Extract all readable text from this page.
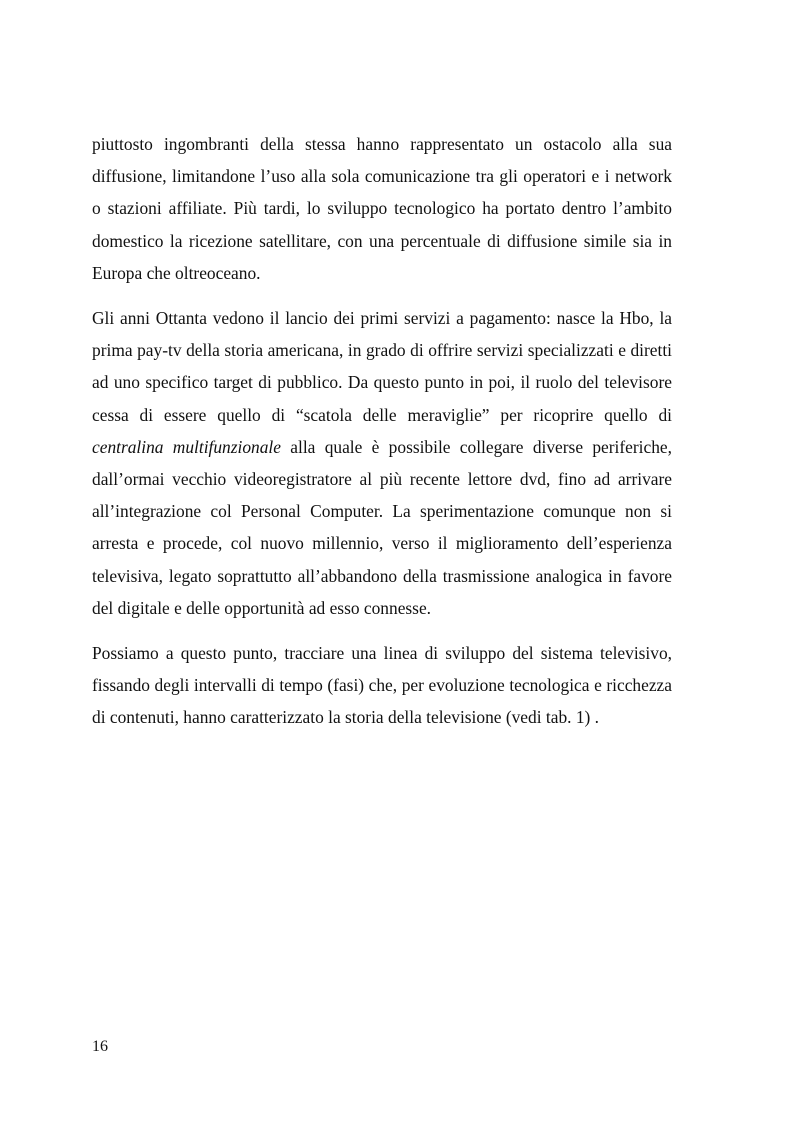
piuttosto ingombranti della stessa hanno rappresentato un ostacolo alla sua diffusione, limitandone l’uso alla sola comunicazione tra gli operatori e i network o stazioni affiliate. Più tardi, lo sviluppo tecnologico ha portato dentro l’ambito domestico la ricezione satellitare, con una percentuale di diffusione simile sia in Europa che oltreoceano.

Gli anni Ottanta vedono il lancio dei primi servizi a pagamento: nasce la Hbo, la prima pay-tv della storia americana, in grado di offrire servizi specializzati e diretti ad uno specifico target di pubblico. Da questo punto in poi, il ruolo del televisore cessa di essere quello di “scatola delle meraviglie” per ricoprire quello di centralina multifunzionale alla quale è possibile collegare diverse periferiche, dall’ormai vecchio videoregistratore al più recente lettore dvd, fino ad arrivare all’integrazione col Personal Computer. La sperimentazione comunque non si arresta e procede, col nuovo millennio, verso il miglioramento dell’esperienza televisiva, legato soprattutto all’abbandono della trasmissione analogica in favore del digitale e delle opportunità ad esso connesse.

Possiamo a questo punto, tracciare una linea di sviluppo del sistema televisivo, fissando degli intervalli di tempo (fasi) che, per evoluzione tecnologica e ricchezza di contenuti, hanno caratterizzato la storia della televisione (vedi tab. 1) .

16
